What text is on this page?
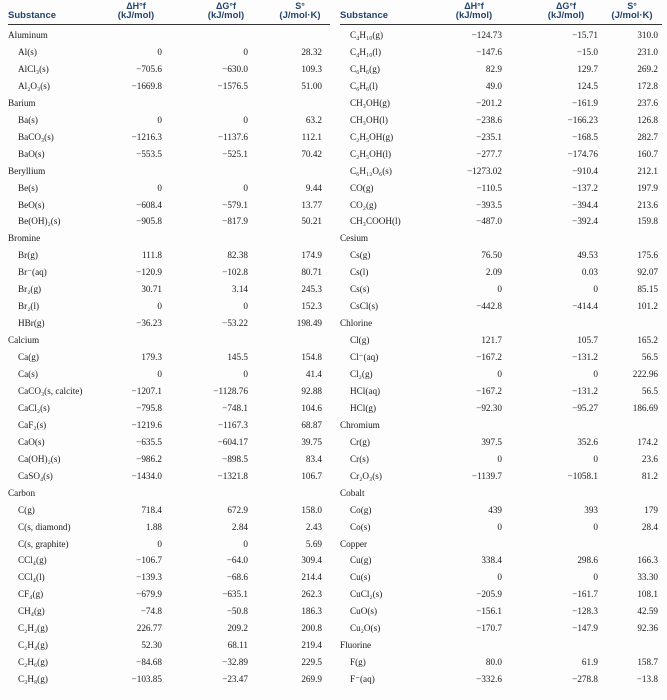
Substance
ΔH°f
(kJ/mol)
ΔG°f
(kJ/mol)
S°
(J/mol·K)
Aluminum
Al(s)	0	0	28.32
AlCl₃(s)	−705.6	−630.0	109.3
Al₂O₃(s)	−1669.8	−1576.5	51.00
Barium
Ba(s)	0	0	63.2
BaCO₃(s)	−1216.3	−1137.6	112.1
BaO(s)	−553.5	−525.1	70.42
Beryllium
Be(s)	0	0	9.44
BeO(s)	−608.4	−579.1	13.77
Be(OH)₂(s)	−905.8	−817.9	50.21
Bromine
Br(g)	111.8	82.38	174.9
Br⁻(aq)	−120.9	−102.8	80.71
Br₂(g)	30.71	3.14	245.3
Br₂(l)	0	0	152.3
HBr(g)	−36.23	−53.22	198.49
Calcium
Ca(g)	179.3	145.5	154.8
Ca(s)	0	0	41.4
CaCO₃(s, calcite)	−1207.1	−1128.76	92.88
CaCl₂(s)	−795.8	−748.1	104.6
CaF₂(s)	−1219.6	−1167.3	68.87
CaO(s)	−635.5	−604.17	39.75
Ca(OH)₂(s)	−986.2	−898.5	83.4
CaSO₄(s)	−1434.0	−1321.8	106.7
Carbon
C(g)	718.4	672.9	158.0
C(s, diamond)	1.88	2.84	2.43
C(s, graphite)	0	0	5.69
CCl₄(g)	−106.7	−64.0	309.4
CCl₄(l)	−139.3	−68.6	214.4
CF₄(g)	−679.9	−635.1	262.3
CH₄(g)	−74.8	−50.8	186.3
C₂H₂(g)	226.77	209.2	200.8
C₂H₄(g)	52.30	68.11	219.4
C₂H₆(g)	−84.68	−32.89	229.5
C₃H₈(g)	−103.85	−23.47	269.9
Substance
ΔH°f
(kJ/mol)
ΔG°f
(kJ/mol)
S°
(J/mol·K)
C₄H₁₀(g)	−124.73	−15.71	310.0
C₄H₁₀(l)	−147.6	−15.0	231.0
C₆H₆(g)	82.9	129.7	269.2
C₆H₆(l)	49.0	124.5	172.8
CH₃OH(g)	−201.2	−161.9	237.6
CH₃OH(l)	−238.6	−166.23	126.8
C₂H₅OH(g)	−235.1	−168.5	282.7
C₂H₅OH(l)	−277.7	−174.76	160.7
C₆H₁₂O₆(s)	−1273.02	−910.4	212.1
CO(g)	−110.5	−137.2	197.9
CO₂(g)	−393.5	−394.4	213.6
CH₃COOH(l)	−487.0	−392.4	159.8
Cesium
Cs(g)	76.50	49.53	175.6
Cs(l)	2.09	0.03	92.07
Cs(s)	0	0	85.15
CsCl(s)	−442.8	−414.4	101.2
Chlorine
Cl(g)	121.7	105.7	165.2
Cl⁻(aq)	−167.2	−131.2	56.5
Cl₂(g)	0	0	222.96
HCl(aq)	−167.2	−131.2	56.5
HCl(g)	−92.30	−95.27	186.69
Chromium
Cr(g)	397.5	352.6	174.2
Cr(s)	0	0	23.6
Cr₂O₃(s)	−1139.7	−1058.1	81.2
Cobalt
Co(g)	439	393	179
Co(s)	0	0	28.4
Copper
Cu(g)	338.4	298.6	166.3
Cu(s)	0	0	33.30
CuCl₂(s)	−205.9	−161.7	108.1
CuO(s)	−156.1	−128.3	42.59
Cu₂O(s)	−170.7	−147.9	92.36
Fluorine
F(g)	80.0	61.9	158.7
F⁻(aq)	−332.6	−278.8	−13.8
